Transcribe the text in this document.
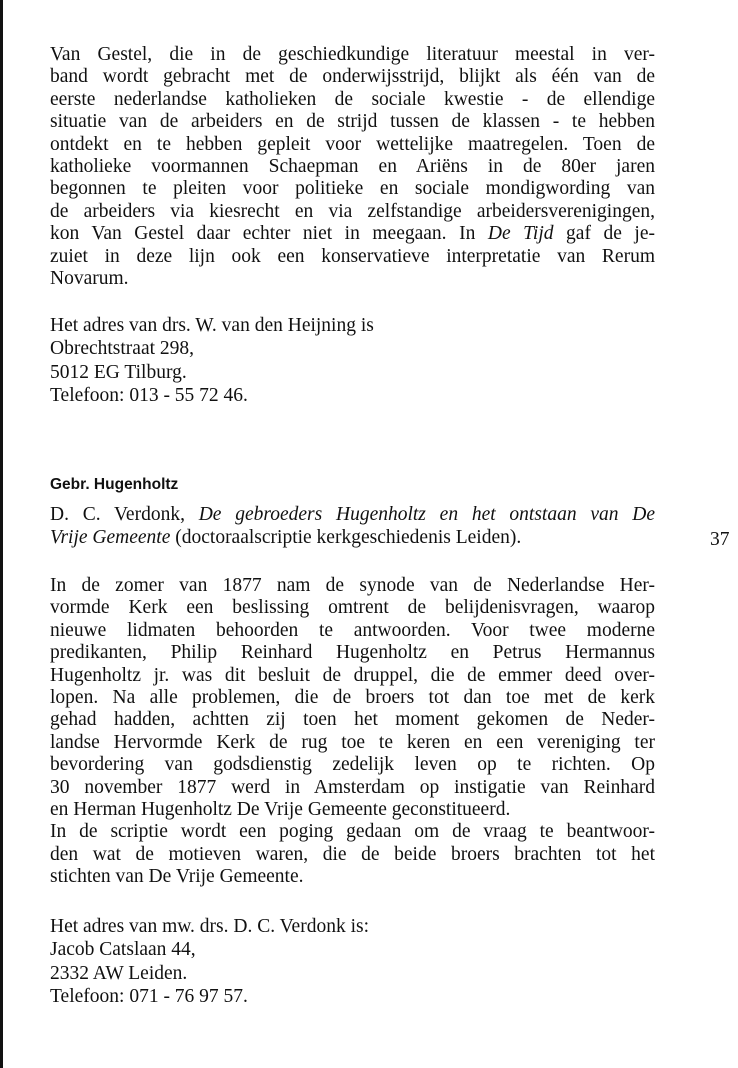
Van Gestel, die in de geschiedkundige literatuur meestal in ver-
band wordt gebracht met de onderwijsstrijd, blijkt als één van de
eerste nederlandse katholieken de sociale kwestie - de ellendige
situatie van de arbeiders en de strijd tussen de klassen - te hebben
ontdekt en te hebben gepleit voor wettelijke maatregelen. Toen de
katholieke voormannen Schaepman en Ariëns in de 80er jaren
begonnen te pleiten voor politieke en sociale mondigwording van
de arbeiders via kiesrecht en via zelfstandige arbeidersverenigingen,
kon Van Gestel daar echter niet in meegaan. In De Tijd gaf de je-
zuiet in deze lijn ook een konservatieve interpretatie van Rerum
Novarum.
Het adres van drs. W. van den Heijning is
Obrechtstraat 298,
5012 EG Tilburg.
Telefoon: 013 - 55 72 46.
Gebr. Hugenholtz
D. C. Verdonk, De gebroeders Hugenholtz en het ontstaan van De
Vrije Gemeente (doctoraalscriptie kerkgeschiedenis Leiden).	37
In de zomer van 1877 nam de synode van de Nederlandse Her-
vormde Kerk een beslissing omtrent de belijdenisvragen, waarop
nieuwe lidmaten behoorden te antwoorden. Voor twee moderne
predikanten, Philip Reinhard Hugenholtz en Petrus Hermannus
Hugenholtz jr. was dit besluit de druppel, die de emmer deed over-
lopen. Na alle problemen, die de broers tot dan toe met de kerk
gehad hadden, achtten zij toen het moment gekomen de Neder-
landse Hervormde Kerk de rug toe te keren en een vereniging ter
bevordering van godsdienstig zedelijk leven op te richten. Op
30 november 1877 werd in Amsterdam op instigatie van Reinhard
en Herman Hugenholtz De Vrije Gemeente geconstitueerd.
In de scriptie wordt een poging gedaan om de vraag te beantwoor-
den wat de motieven waren, die de beide broers brachten tot het
stichten van De Vrije Gemeente.
Het adres van mw. drs. D. C. Verdonk is:
Jacob Catslaan 44,
2332 AW Leiden.
Telefoon: 071 - 76 97 57.
